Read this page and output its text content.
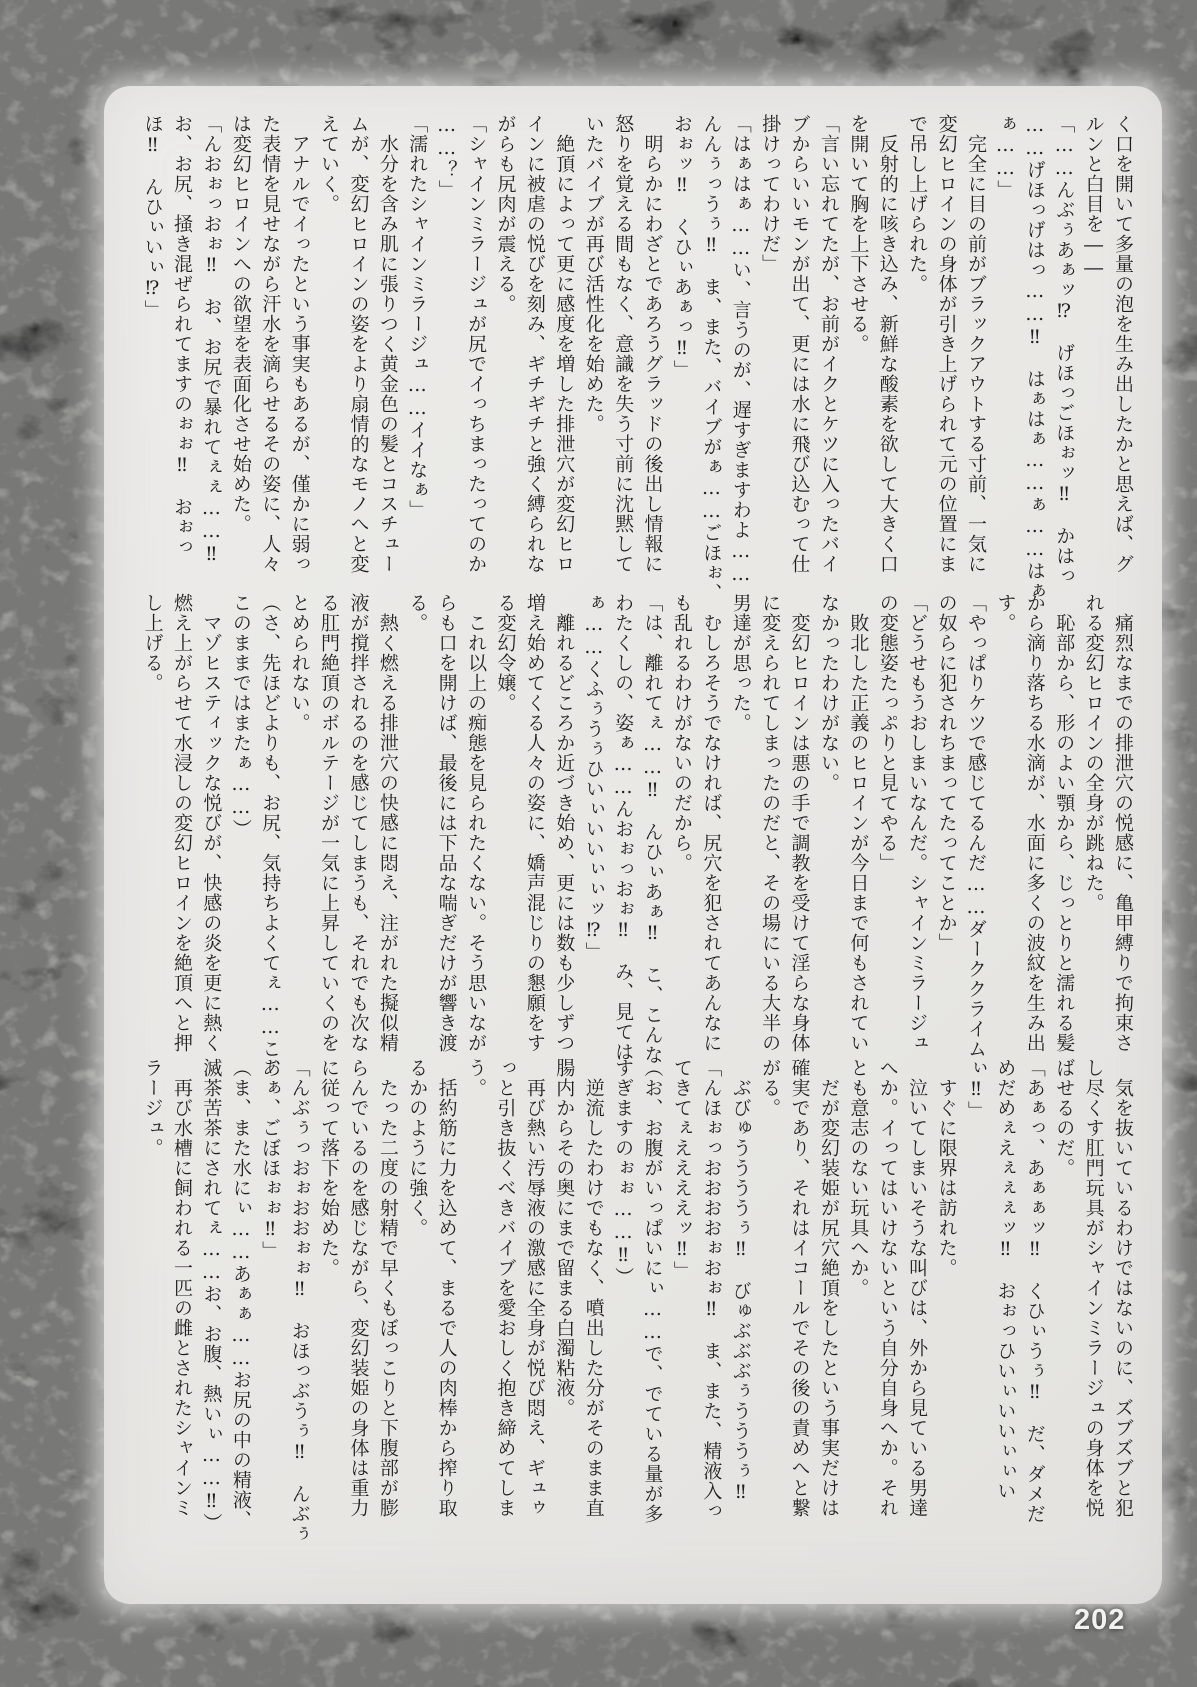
く口を開いて多量の泡を生み出したかと思えば、グ
ルンと白目を――
「……んぶぅあぁッ⁉　げほっごほぉッ‼　かはっ
……げほっげはっ……‼　はぁはぁ……ぁ……はぁ
ぁ……」
　完全に目の前がブラックアウトする寸前、一気に
変幻ヒロインの身体が引き上げられて元の位置にま
で吊し上げられた。
　反射的に咳き込み、新鮮な酸素を欲して大きく口
を開いて胸を上下させる。
「言い忘れてたが、お前がイクとケツに入ったバイ
ブからいいモンが出て、更には水に飛び込むって仕
掛けってわけだ」
「はぁはぁ……い、言うのが、遅すぎますわよ……
んんぅっうぅ‼　ま、また、バイブがぁ……ごほぉ、
おぉッ‼　くひぃあぁっ‼」
　明らかにわざとであろうグラッドの後出し情報に
怒りを覚える間もなく、意識を失う寸前に沈黙して
いたバイブが再び活性化を始めた。
　絶頂によって更に感度を増した排泄穴が変幻ヒロ
インに被虐の悦びを刻み、ギチギチと強く縛られな
がらも尻肉が震える。
「シャインミラージュが尻でイっちまったってのか
……？」
「濡れたシャインミラージュ……イイなぁ」
　水分を含み肌に張りつく黄金色の髪とコスチュー
ムが、変幻ヒロインの姿をより扇情的なモノへと変
えていく。
　アナルでイったという事実もあるが、僅かに弱っ
た表情を見せながら汗水を滴らせるその姿に、人々
は変幻ヒロインへの欲望を表面化させ始めた。
「んおぉっおぉ‼　お、お尻で暴れてぇぇ……‼
お、お尻、掻き混ぜられてますのぉぉ‼　おぉっ
ほ‼　んひぃいぃ⁉」
　痛烈なまでの排泄穴の悦感に、亀甲縛りで拘束さ
れる変幻ヒロインの全身が跳ねた。
　恥部から、形のよい顎から、じっとりと濡れる髪
から滴り落ちる水滴が、水面に多くの波紋を生み出
す。
「やっぱりケツで感じてるんだ……ダーククライム
の奴らに犯されちまってたってことか」
「どうせもうおしまいなんだ。シャインミラージュ
の変態姿たっぷりと見てやる」
　敗北した正義のヒロインが今日まで何もされてい
なかったわけがない。
　変幻ヒロインは悪の手で調教を受けて淫らな身体
に変えられてしまったのだと、その場にいる大半の
男達が思った。
　むしろそうでなければ、尻穴を犯されてあんなに
も乱れるわけがないのだから。
「は、離れてぇ……‼　んひぃあぁ‼　こ、こんな
わたくしの、姿ぁ……んおぉっおぉ‼　み、見ては
ぁ……くふぅうぅひいぃいいぃぃッ⁉」
　離れるどころか近づき始め、更には数も少しずつ
増え始めてくる人々の姿に、嬌声混じりの懇願をす
る変幻令嬢。
　これ以上の痴態を見られたくない。そう思いなが
らも口を開けば、最後には下品な喘ぎだけが響き渡
る。
　熱く燃える排泄穴の快感に悶え、注がれた擬似精
液が撹拌されるのを感じてしまうも、それでも次な
る肛門絶頂のボルテージが一気に上昇していくのを
とめられない。
（さ、先ほどよりも、お尻、気持ちよくてぇ……こ、
このままではまたぁ……）
　マゾヒスティックな悦びが、快感の炎を更に熱く
燃え上がらせて水浸しの変幻ヒロインを絶頂へと押
し上げる。
　気を抜いているわけではないのに、ズブズブと犯
し尽くす肛門玩具がシャインミラージュの身体を悦
ばせるのだ。
「あぁっ、あぁぁッ‼　くひぃうぅ‼　だ、ダメだ
めだめぇえぇぇぇッ‼　おぉっひいぃいいぃぃい
ぃ‼」
　すぐに限界は訪れた。
　泣いてしまいそうな叫びは、外から見ている男達
へか。イってはいけないという自分自身へか。それ
とも意志のない玩具へか。
　だが変幻装姫が尻穴絶頂をしたという事実だけは
確実であり、それはイコールでその後の責めへと繋
がる。
　ぶびゅううううぅ‼　びゅぶぶぶぅうううぅ‼
「んほぉっおおおおぉおぉ‼　ま、また、精液入っ
てきてぇええええッ‼」
（お、お腹がいっぱいにぃ……で、でている量が多
すぎますのぉぉ……‼）
　逆流したわけでもなく、噴出した分がそのまま直
腸内からその奥にまで留まる白濁粘液。
　再び熱い汚辱液の激感に全身が悦び悶え、ギュゥ
っと引き抜くべきバイブを愛おしく抱き締めてしま
う。
　括約筋に力を込めて、まるで人の肉棒から搾り取
るかのように強く。
　たった二度の射精で早くもぼっこりと下腹部が膨
らんでいるのを感じながら、変幻装姫の身体は重力
に従って落下を始めた。
「んぶぅっおぉおおぉぉ‼　おほっぶうぅ‼　んぶぅ
あぁ、ごぼほぉぉ‼」
（ま、また水にぃ……あぁぁ……お尻の中の精液、
滅茶苦茶にされてぇ……お、お腹、熱いぃ……‼）
　再び水槽に飼われる一匹の雌とされたシャインミ
ラージュ。
202
